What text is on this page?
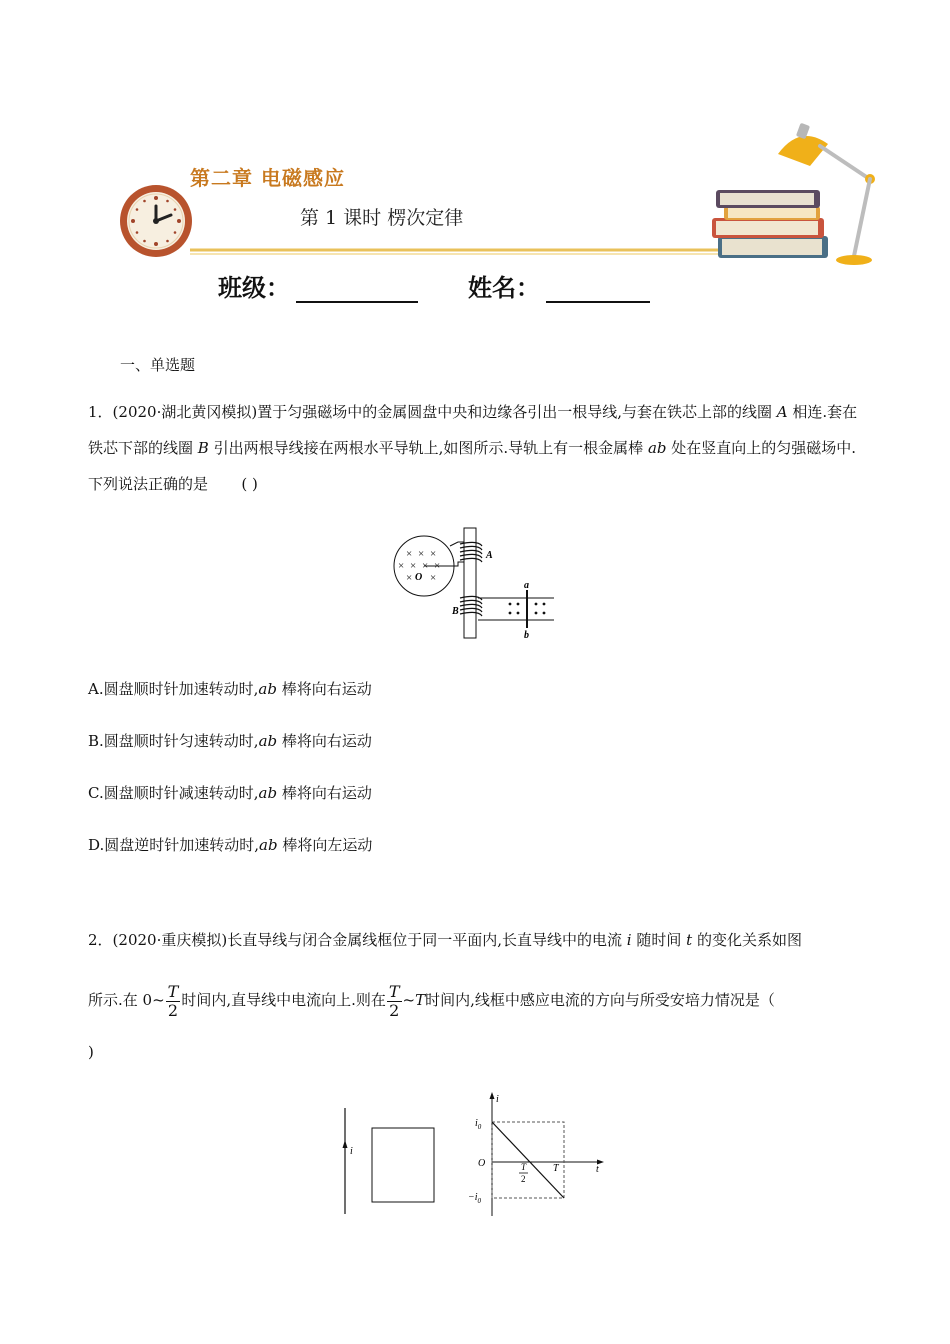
第二章 电磁感应
第 1 课时 楞次定律
班级：	姓名：
一、单选题
1．(2020·湖北黄冈模拟)置于匀强磁场中的金属圆盘中央和边缘各引出一根导线,与套在铁芯上部的线圈 A 相连.套在铁芯下部的线圈 B 引出两根导线接在两根水平导轨上,如图所示.导轨上有一根金属棒 ab 处在竖直向上的匀强磁场中.下列说法正确的是 ( )
× × ×
× × × ×
× ×
O
A
B
a
b
A.圆盘顺时针加速转动时,ab 棒将向右运动
B.圆盘顺时针匀速转动时,ab 棒将向右运动
C.圆盘顺时针减速转动时,ab 棒将向右运动
D.圆盘逆时针加速转动时,ab 棒将向左运动
2．(2020·重庆模拟)长直导线与闭合金属线框位于同一平面内,长直导线中的电流 i 随时间 t 的变化关系如图
所示.在 0~ $\frac{T}{2}$ 时间内,直导线中电流向上.则在 $\frac{T}{2}$ ~T时间内,线框中感应电流的方向与所受安培力情况是（
)
i
i
t
O
$i_0$
$-i_0$
T
2
T
